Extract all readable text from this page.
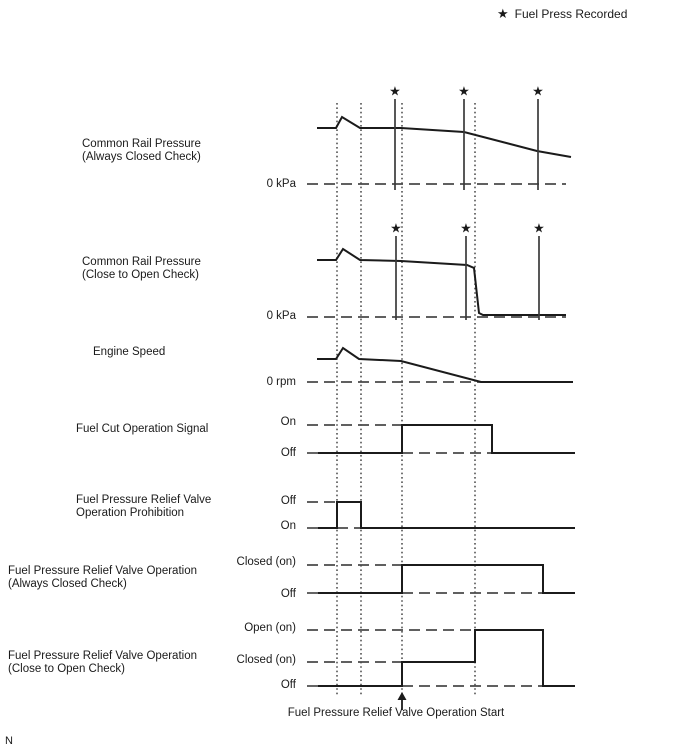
★	★	★
★	★	★
Common Rail Pressure
(Always Closed Check)
0 kPa
Common Rail Pressure
(Close to Open Check)
0 kPa
Engine Speed
0 rpm
Fuel Cut Operation Signal
On
Off
Fuel Pressure Relief Valve
Operation Prohibition
Off
On
Fuel Pressure Relief Valve Operation
(Always Closed Check)
Closed (on)
Off
Fuel Pressure Relief Valve Operation
(Close to Open Check)
Open (on)
Closed (on)
Off
★ Fuel Press Recorded
Fuel Pressure Relief Valve Operation Start
N
